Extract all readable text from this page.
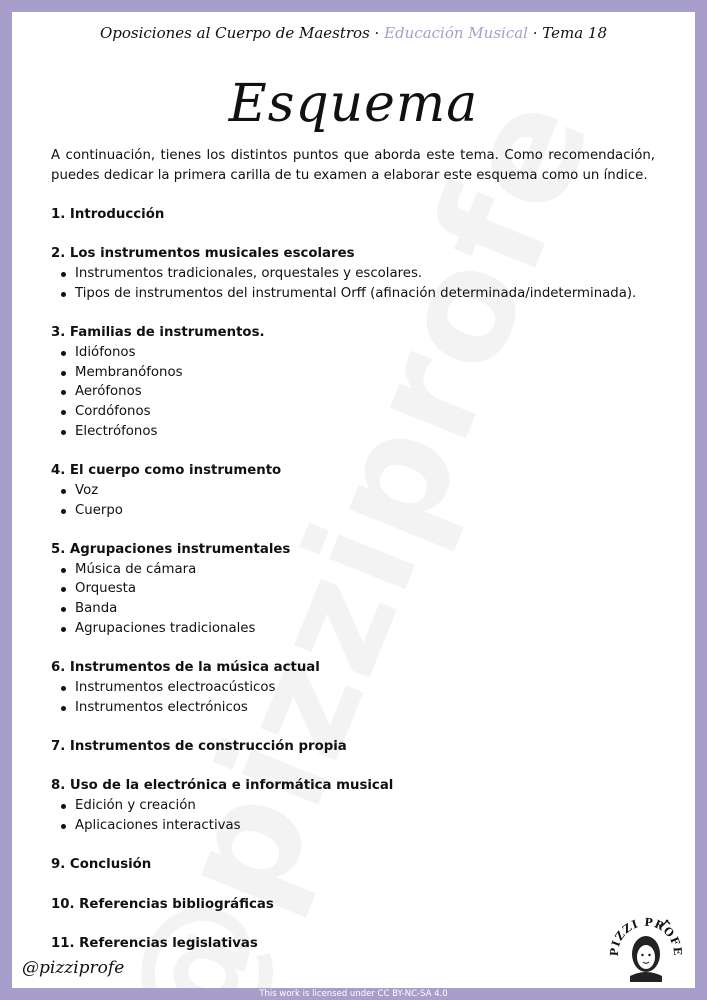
Oposiciones al Cuerpo de Maestros · Educación Musical · Tema 18
Esquema

A continuación, tienes los distintos puntos que aborda este tema. Como recomendación, puedes dedicar la primera carilla de tu examen a elaborar este esquema como un índice.

1. Introducción

2. Los instrumentos musicales escolares

Instrumentos tradicionales, orquestales y escolares.
Tipos de instrumentos del instrumental Orff (afinación determinada/indeterminada).

3. Familias de instrumentos.

Idiófonos
Membranófonos
Aerófonos
Cordófonos
Electrófonos

4. El cuerpo como instrumento

Voz
Cuerpo

5. Agrupaciones instrumentales

Música de cámara
Orquesta
Banda
Agrupaciones tradicionales

6. Instrumentos de la música actual

Instrumentos electroacústicos
Instrumentos electrónicos

7. Instrumentos de construcción propia

8. Uso de la electrónica e informática musical

Edición y creación
Aplicaciones interactivas

9. Conclusión

10. Referencias bibliográficas

11. Referencias legislativas

@pizziprofe
PIZZI PROFE
This work is licensed under CC BY-NC-SA 4.0
